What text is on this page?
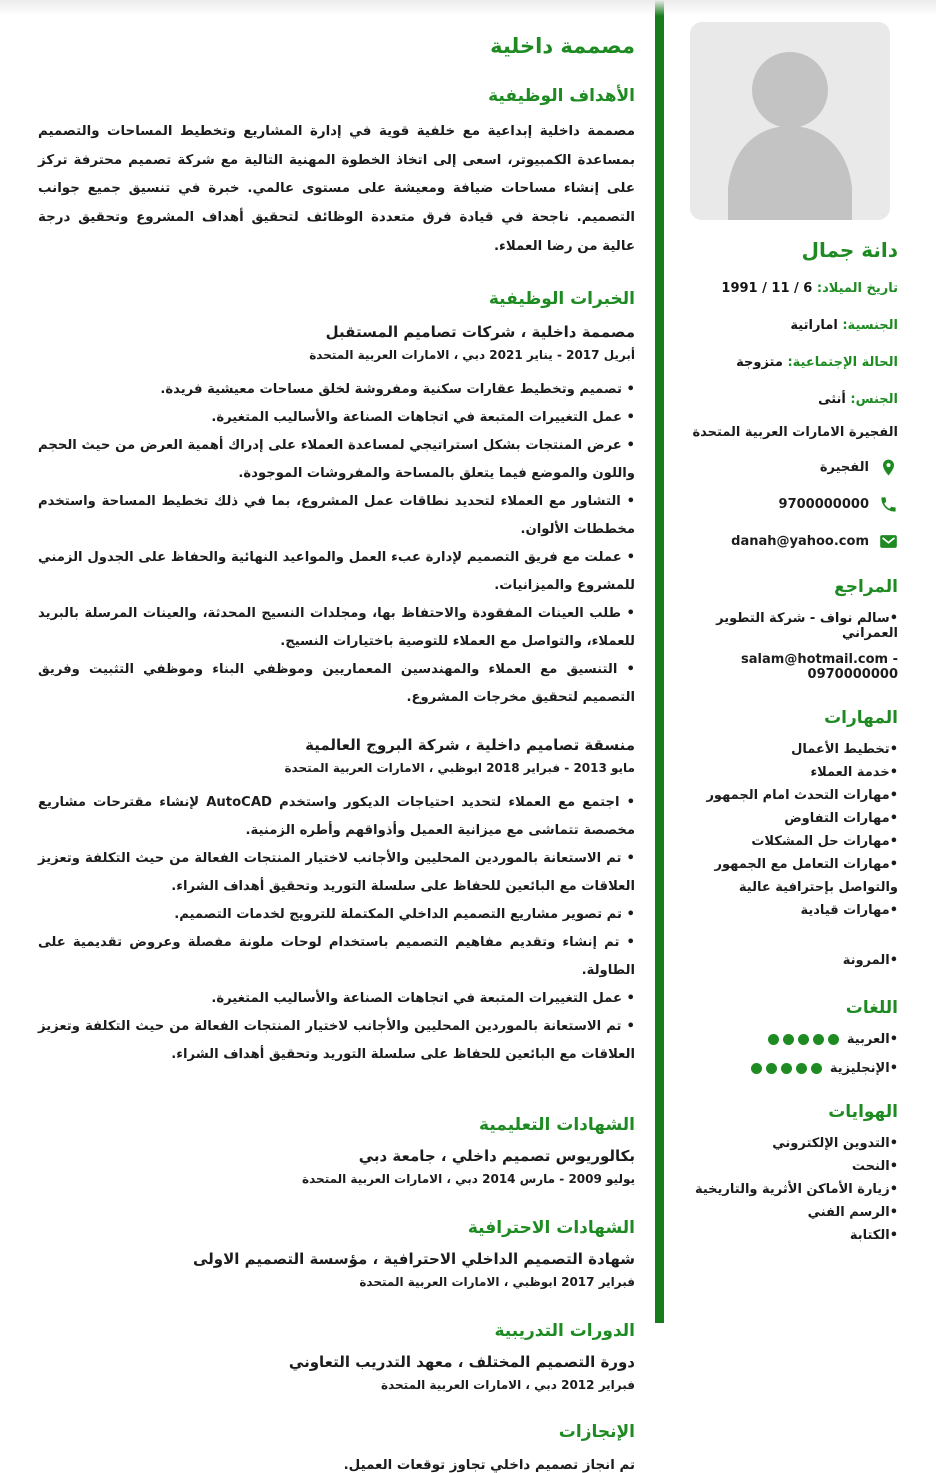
دانة جمال
تاريخ الميلاد: 1991 / 11 / 6
الجنسية: اماراتية
الحالة الإجتماعية: متزوجة
الجنس: أنثى
الفجيرة الامارات العربية المتحدة
الفجيرة
9700000000
danah@yahoo.com
المراجع
• سالم نواف - شركة التطوير العمراني
salam@hotmail.com - 0970000000
المهارات
• تخطيط الأعمال
• خدمة العملاء
• مهارات التحدث امام الجمهور
• مهارات التفاوض
• مهارات حل المشكلات
• مهارات التعامل مع الجمهور والتواصل بإحترافية عالية
• مهارات قيادية
• المرونة
اللغات
• العربية
• الإنجليزية
الهوايات
• التدوين الإلكتروني
• النحت
• زيارة الأماكن الأثرية والتاريخية
• الرسم الفني
• الكتابة
مصممة داخلية
الأهداف الوظيفية

مصممة داخلية إبداعية مع خلفية قوية في إدارة المشاريع وتخطيط المساحات والتصميم بمساعدة الكمبيوتر، اسعى إلى اتخاذ الخطوة المهنية التالية مع شركة تصميم محترفة تركز على إنشاء مساحات ضيافة ومعيشة على مستوى عالمي. خبرة في تنسيق جميع جوانب التصميم. ناجحة في قيادة فرق متعددة الوظائف لتحقيق أهداف المشروع وتحقيق درجة عالية من رضا العملاء.

الخبرات الوظيفية
مصممة داخلية ، شركات تصاميم المستقبل
أبريل 2017 - يناير 2021 دبي ، الامارات العربية المتحدة
• تصميم وتخطيط عقارات سكنية ومفروشة لخلق مساحات معيشية فريدة.
• عمل التغييرات المتبعة في اتجاهات الصناعة والأساليب المتغيرة.
• عرض المنتجات بشكل استراتيجي لمساعدة العملاء على إدراك أهمية العرض من حيث الحجم واللون والموضع فيما يتعلق بالمساحة والمفروشات الموجودة.
• التشاور مع العملاء لتحديد نطاقات عمل المشروع، بما في ذلك تخطيط المساحة واستخدم مخططات الألوان.
• عملت مع فريق التصميم لإدارة عبء العمل والمواعيد النهائية والحفاظ على الجدول الزمني للمشروع والميزانيات.
• طلب العينات المفقودة والاحتفاظ بها، ومجلدات النسيج المحدثة، والعينات المرسلة بالبريد للعملاء، والتواصل مع العملاء للتوصية باختيارات النسيج.
• التنسيق مع العملاء والمهندسين المعماريين وموظفي البناء وموظفي التثبيت وفريق التصميم لتحقيق مخرجات المشروع.
منسقة تصاميم داخلية ، شركة البروج العالمية
مايو 2013 - فبراير 2018 ابوظبي ، الامارات العربية المتحدة
• اجتمع مع العملاء لتحديد احتياجات الديكور واستخدم AutoCAD لإنشاء مقترحات مشاريع مخصصة تتماشى مع ميزانية العميل وأذواقهم وأطره الزمنية.
• تم الاستعانة بالموردين المحليين والأجانب لاختيار المنتجات الفعالة من حيث التكلفة وتعزيز العلاقات مع البائعين للحفاظ على سلسلة التوريد وتحقيق أهداف الشراء.
• تم تصوير مشاريع التصميم الداخلي المكتملة للترويج لخدمات التصميم.
• تم إنشاء وتقديم مفاهيم التصميم باستخدام لوحات ملونة مفصلة وعروض تقديمية على الطاولة.
• عمل التغييرات المتبعة في اتجاهات الصناعة والأساليب المتغيرة.
• تم الاستعانة بالموردين المحليين والأجانب لاختيار المنتجات الفعالة من حيث التكلفة وتعزيز العلاقات مع البائعين للحفاظ على سلسلة التوريد وتحقيق أهداف الشراء.
الشهادات التعليمية
بكالوريوس تصميم داخلي ، جامعة دبي
يوليو 2009 - مارس 2014 دبي ، الامارات العربية المتحدة
الشهادات الاحترافية
شهادة التصميم الداخلي الاحترافية ، مؤسسة التصميم الاولى
فبراير 2017 ابوظبي ، الامارات العربية المتحدة
الدورات التدريبية
دورة التصميم المختلف ، معهد التدريب التعاوني
فبراير 2012 دبي ، الامارات العربية المتحدة
الإنجازات

تم انجاز تصميم داخلي تجاوز توقعات العميل.
